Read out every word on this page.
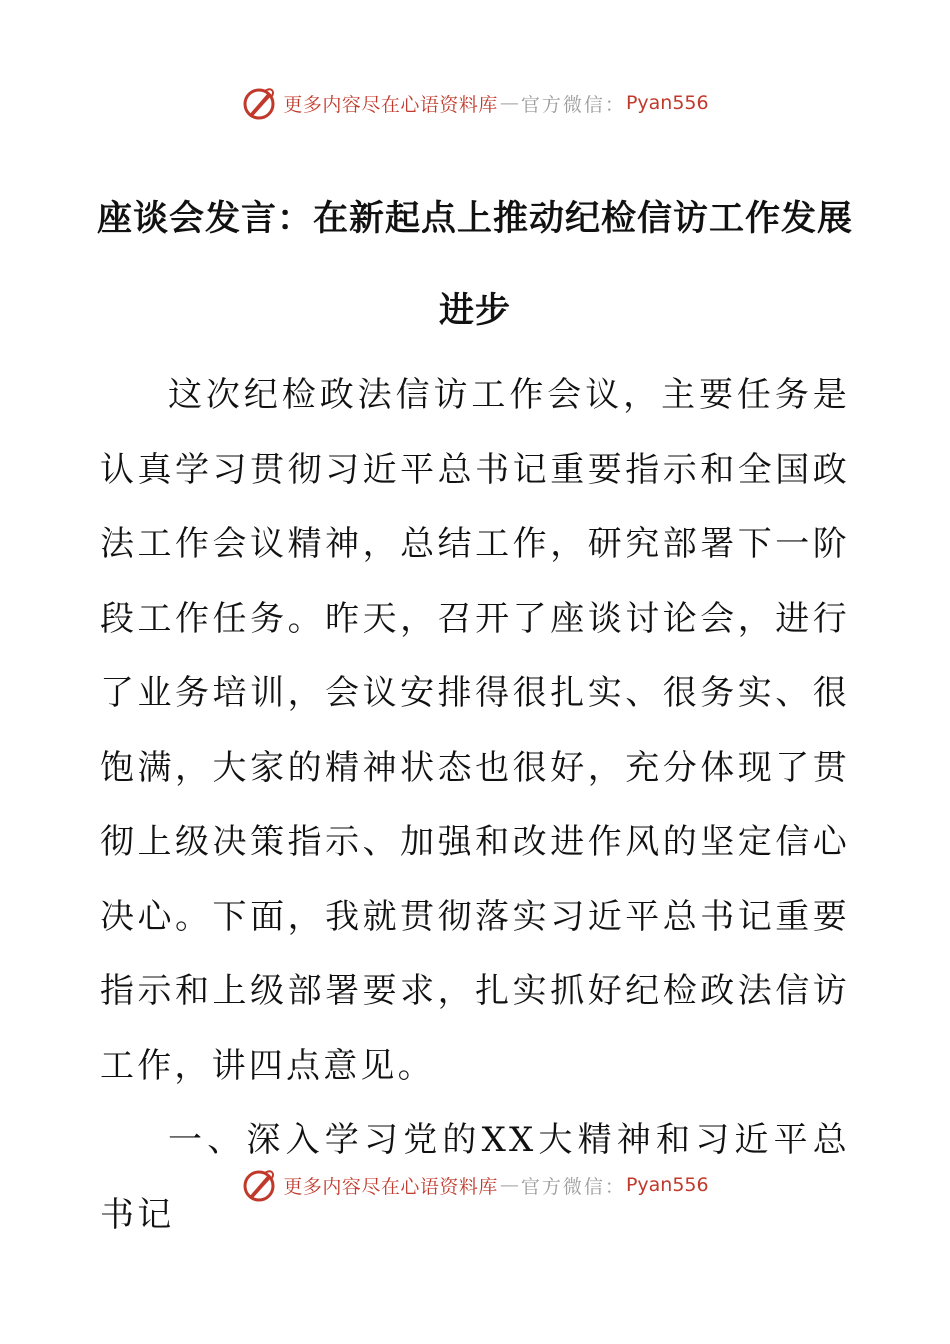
更多内容尽在心语资料库 — 官方微信： Pyan556
座谈会发言：在新起点上推动纪检信访工作发展进步

这次纪检政法信访工作会议，主要任务是认真学习贯彻习近平总书记重要指示和全国政法工作会议精神，总结工作，研究部署下一阶段工作任务。昨天，召开了座谈讨论会，进行了业务培训，会议安排得很扎实、很务实、很饱满，大家的精神状态也很好，充分体现了贯彻上级决策指示、加强和改进作风的坚定信心决心。下面，我就贯彻落实习近平总书记重要指示和上级部署要求，扎实抓好纪检政法信访工作，讲四点意见。

一、深入学习党的XX大精神和习近平总书记

更多内容尽在心语资料库 — 官方微信： Pyan556
